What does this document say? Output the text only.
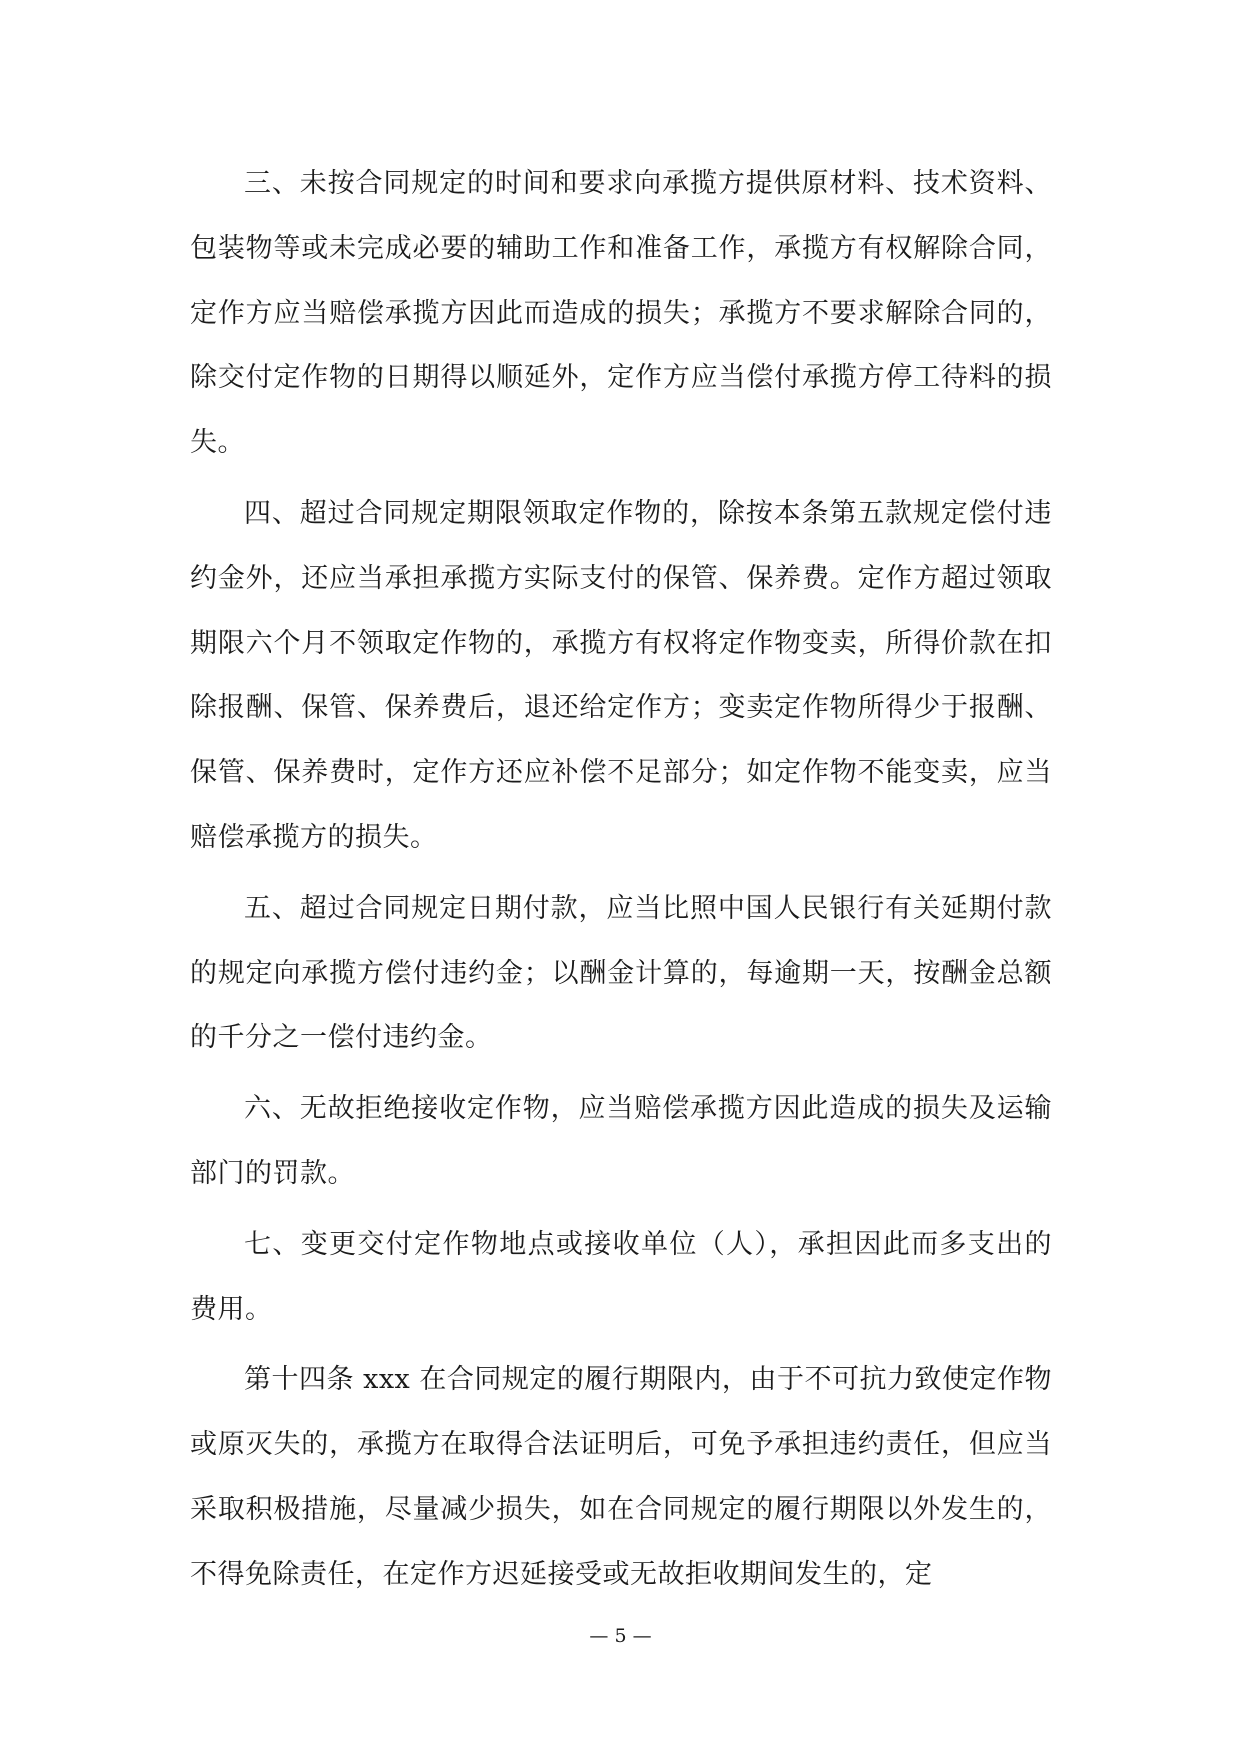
三、未按合同规定的时间和要求向承揽方提供原材料、技术资料、包装物等或未完成必要的辅助工作和准备工作，承揽方有权解除合同，定作方应当赔偿承揽方因此而造成的损失；承揽方不要求解除合同的，除交付定作物的日期得以顺延外，定作方应当偿付承揽方停工待料的损失。

四、超过合同规定期限领取定作物的，除按本条第五款规定偿付违约金外，还应当承担承揽方实际支付的保管、保养费。定作方超过领取期限六个月不领取定作物的，承揽方有权将定作物变卖，所得价款在扣除报酬、保管、保养费后，退还给定作方；变卖定作物所得少于报酬、保管、保养费时，定作方还应补偿不足部分；如定作物不能变卖，应当赔偿承揽方的损失。

五、超过合同规定日期付款，应当比照中国人民银行有关延期付款的规定向承揽方偿付违约金；以酬金计算的，每逾期一天，按酬金总额的千分之一偿付违约金。

六、无故拒绝接收定作物，应当赔偿承揽方因此造成的损失及运输部门的罚款。

七、变更交付定作物地点或接收单位（人），承担因此而多支出的费用。

第十四条 xxx 在合同规定的履行期限内，由于不可抗力致使定作物或原灭失的，承揽方在取得合法证明后，可免予承担违约责任，但应当采取积极措施，尽量减少损失，如在合同规定的履行期限以外发生的，不得免除责任，在定作方迟延接受或无故拒收期间发生的，定

— 5 —
